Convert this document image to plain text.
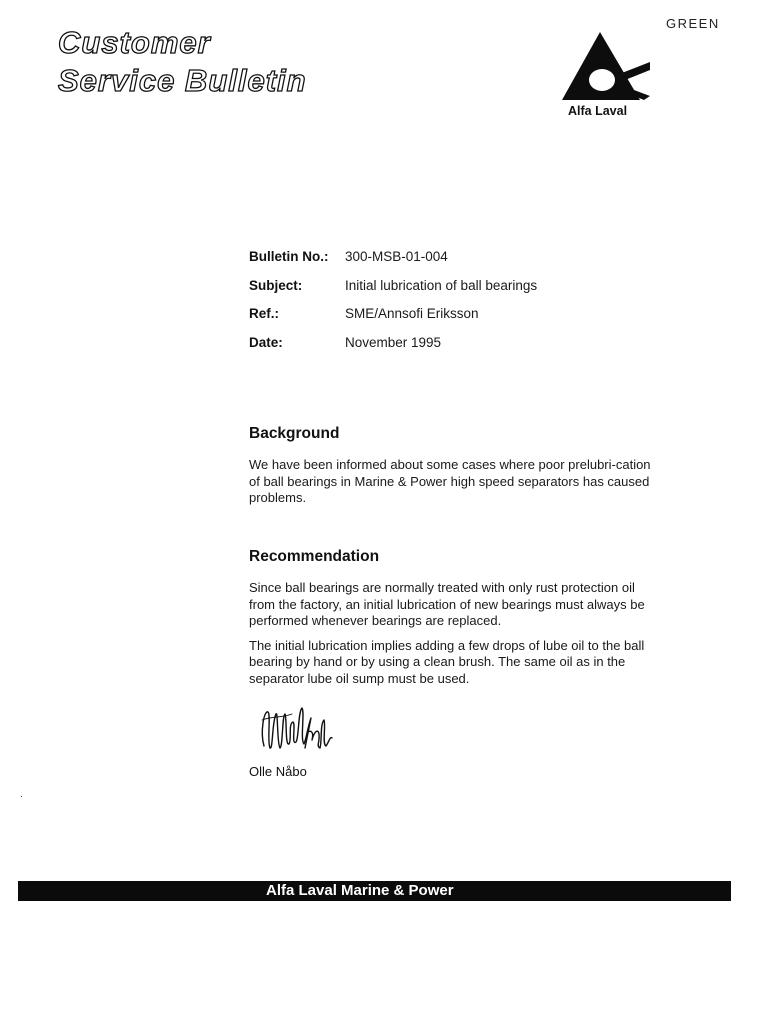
GREEN
Customer
Service Bulletin
Alfa Laval
Bulletin No.:	300-MSB-01-004
Subject:	Initial lubrication of ball bearings
Ref.:	SME/Annsofi Eriksson
Date:	November 1995
Background

We have been informed about some cases where poor prelubri-cation of ball bearings in Marine & Power high speed separators has caused problems.

Recommendation

Since ball bearings are normally treated with only rust protection oil from the factory, an initial lubrication of new bearings must always be performed whenever bearings are replaced.

The initial lubrication implies adding a few drops of lube oil to the ball bearing by hand or by using a clean brush. The same oil as in the separator lube oil sump must be used.

Olle Nåbo
·
Alfa Laval Marine & Power
